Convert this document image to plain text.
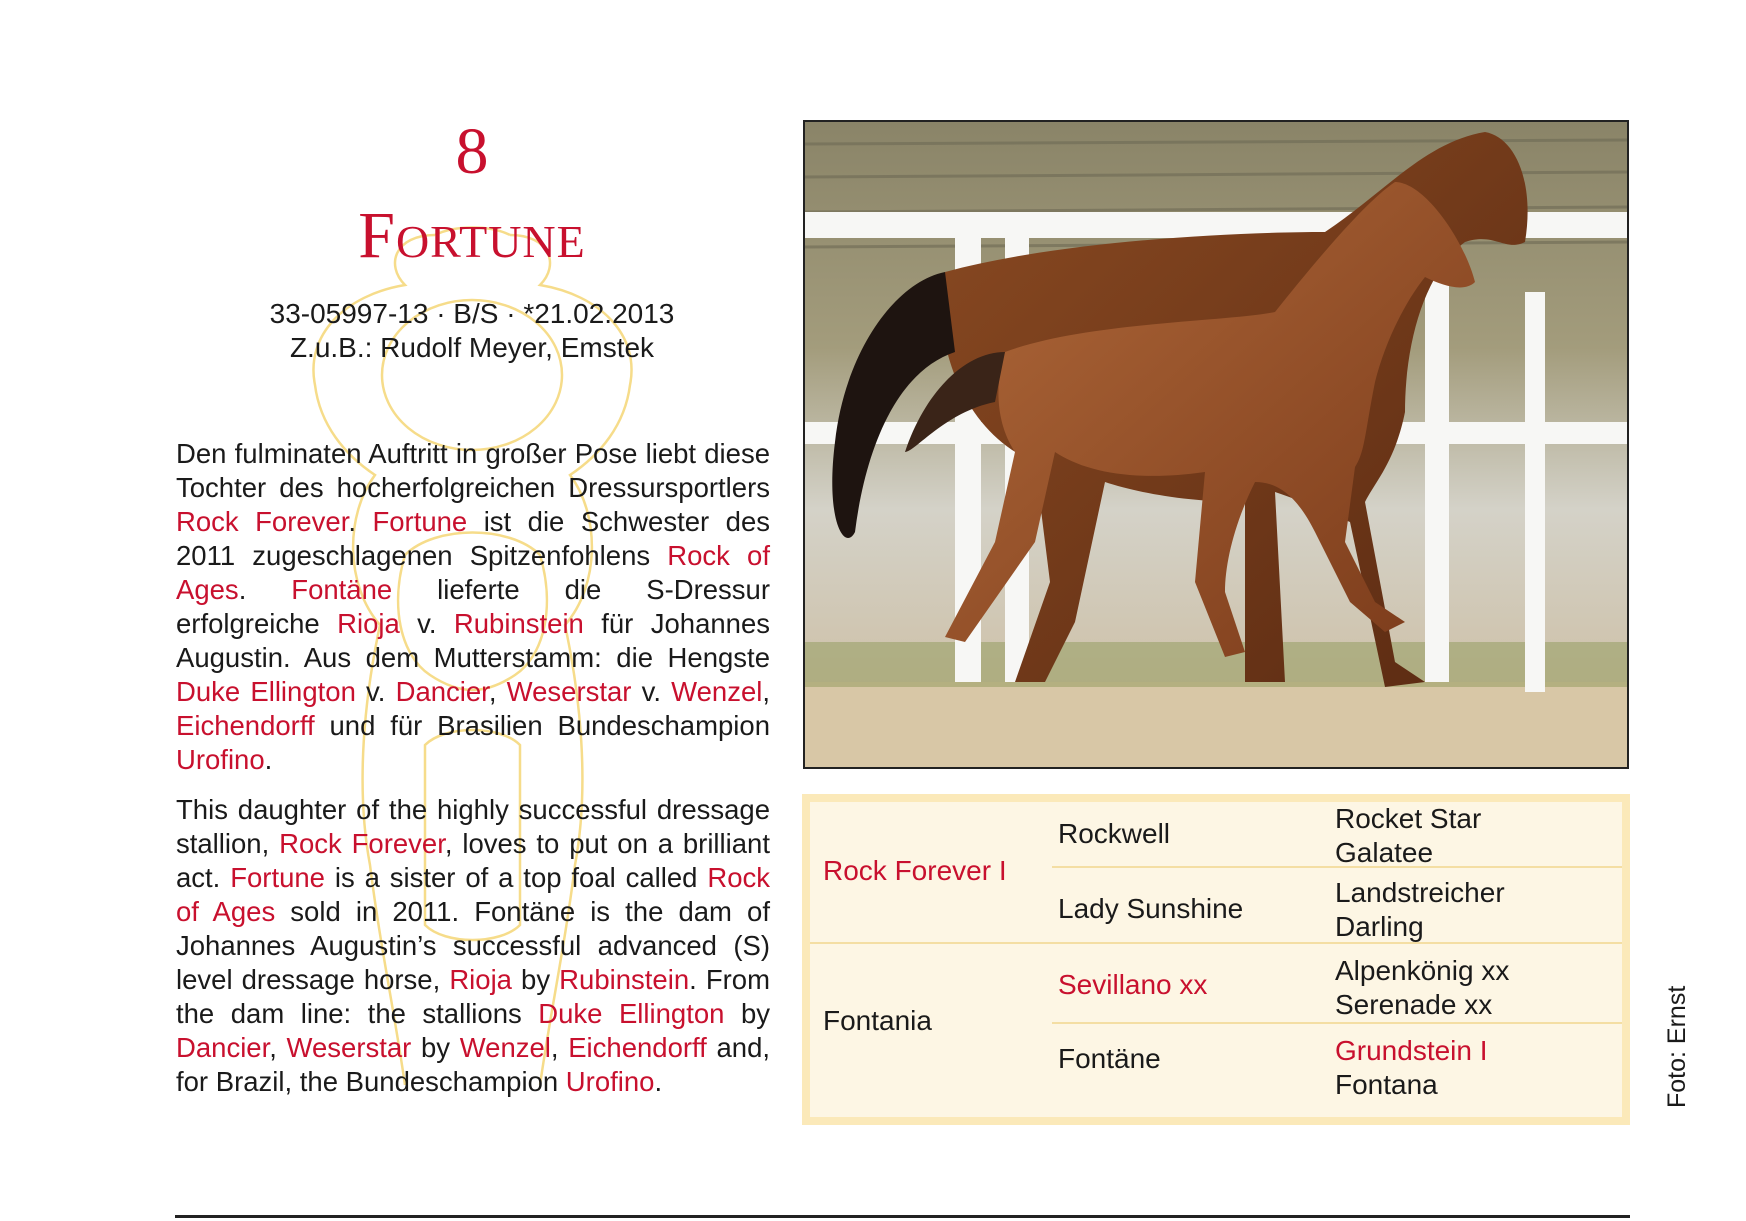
8
Fortune
33-05997-13 · B/S · *21.02.2013
Z.u.B.: Rudolf Meyer, Emstek

Den fulminaten Auftritt in großer Pose liebt diese Tochter des hocherfolgreichen Dressursportlers Rock Forever. Fortune ist die Schwester des 2011 zugeschlagenen Spitzenfohlens Rock of Ages. Fontäne lieferte die S-Dressur erfolgreiche Rioja v. Rubinstein für Johannes Augustin. Aus dem Mutterstamm: die Hengste Duke Ellington v. Dancier, Weserstar v. Wenzel, Eichendorff und für Brasilien Bundeschampion Urofino.

This daughter of the highly successful dressage stallion, Rock Forever, loves to put on a brilliant act. Fortune is a sister of a top foal called Rock of Ages sold in 2011. Fontäne is the dam of Johannes Augustin’s successful advanced (S) level dressage horse, Rioja by Rubinstein. From the dam line: the stallions Duke Ellington by Dancier, Weserstar by Wenzel, Eichendorff and, for Brazil, the Bundeschampion Urofino.

Rock Forever I
Fontania
Rockwell
Lady Sunshine
Sevillano xx
Fontäne
Rocket Star
Galatee
Landstreicher
Darling
Alpenkönig xx
Serenade xx
Grundstein I
Fontana	Foto: Ernst
